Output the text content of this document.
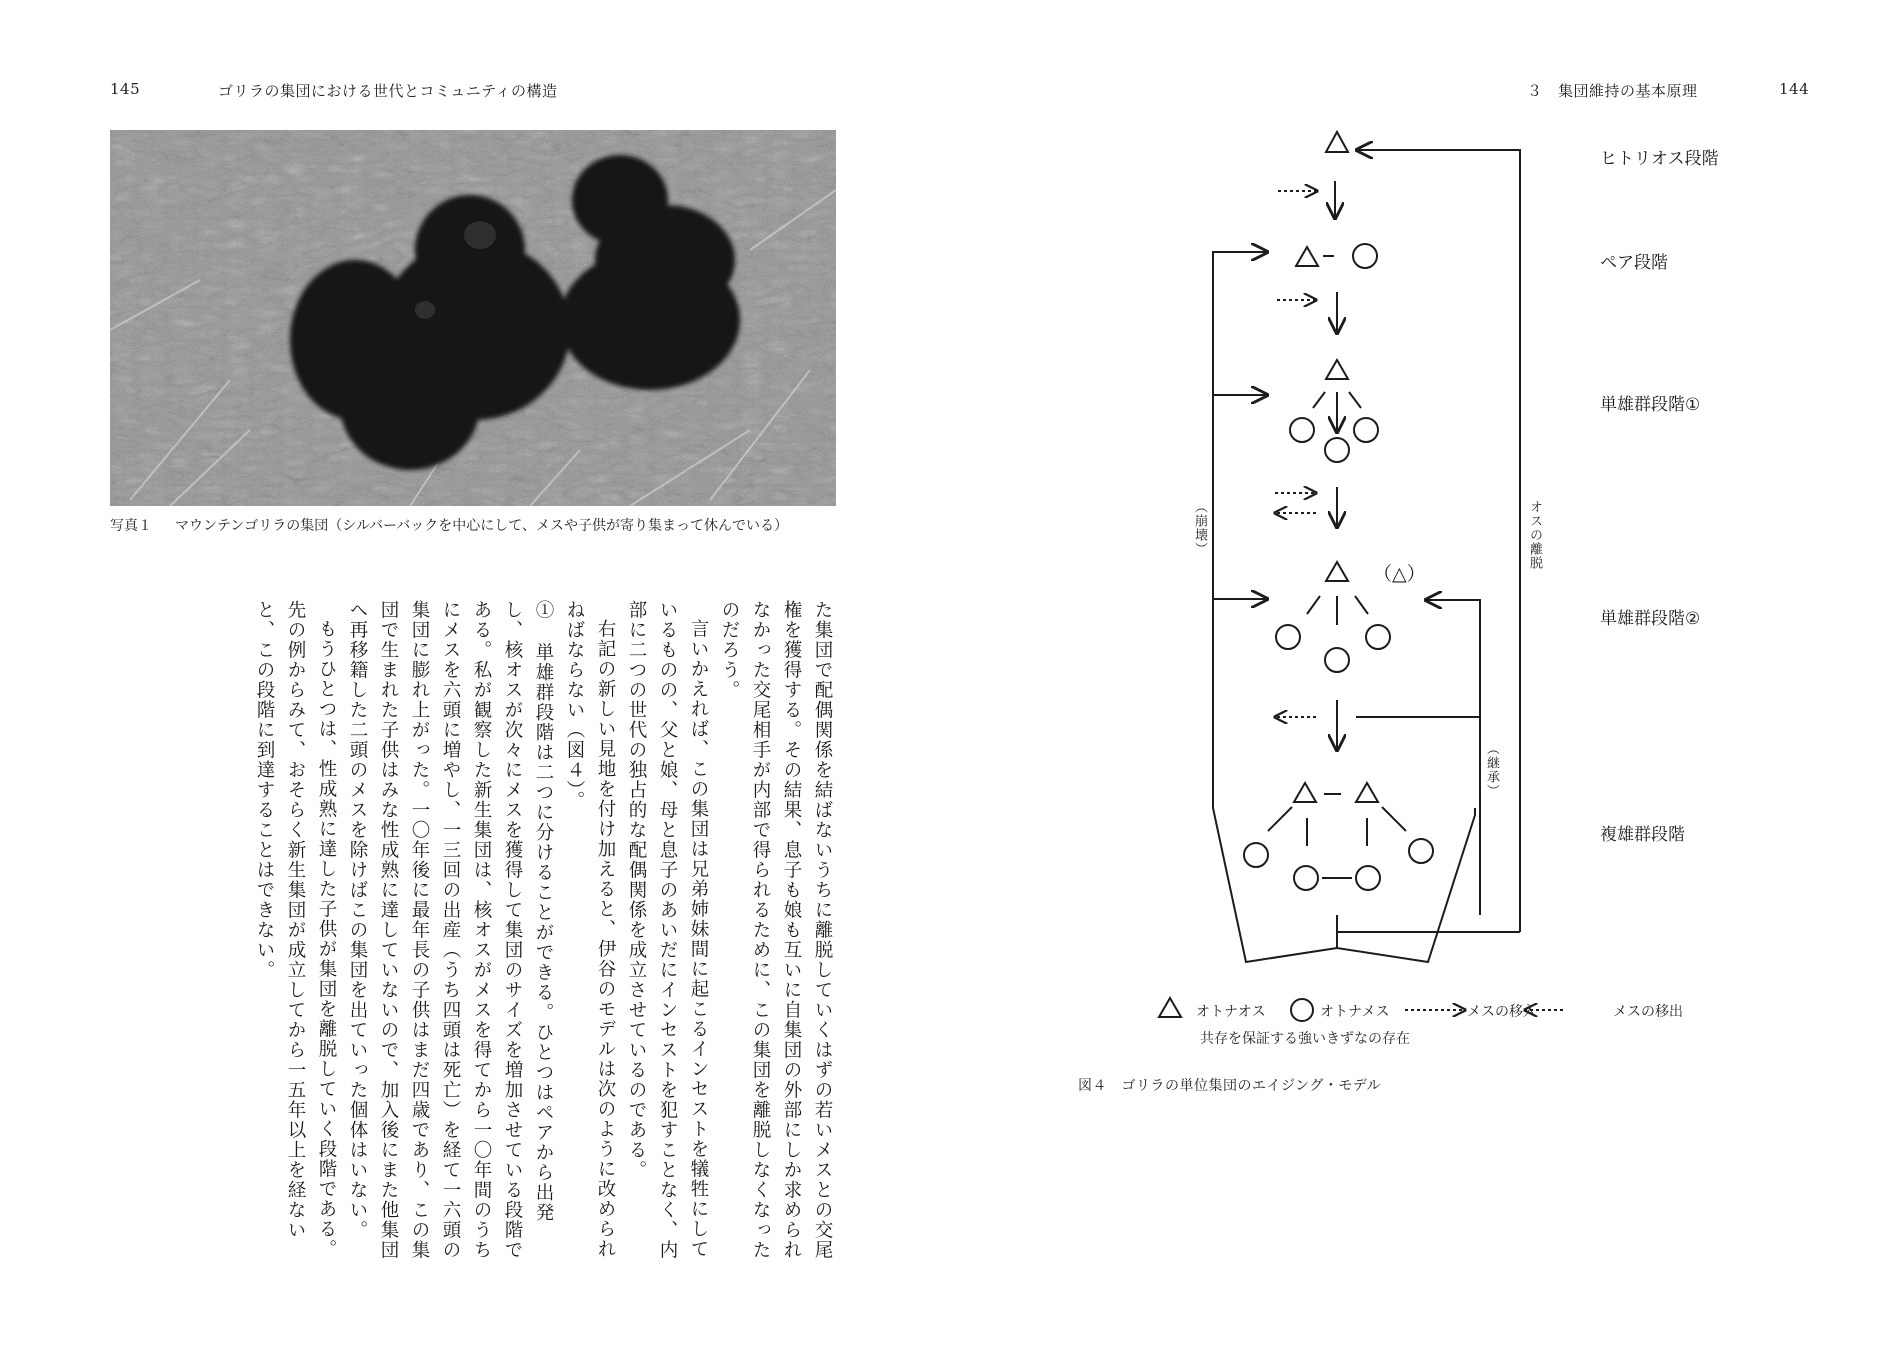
145	ゴリラの集団における世代とコミュニティの構造
写真１	マウンテンゴリラの集団（シルバーバックを中心にして、メスや子供が寄り集まって休んでいる）

た集団で配偶関係を結ばないうちに離脱していくはずの若いメスとの交尾権を獲得する。その結果、息子も娘も互いに自集団の外部にしか求められなかった交尾相手が内部で得られるために、この集団を離脱しなくなったのだろう。

言いかえれば、この集団は兄弟姉妹間に起こるインセストを犠牲にしているものの、父と娘、母と息子のあいだにインセストを犯すことなく、内部に二つの世代の独占的な配偶関係を成立させているのである。

右記の新しい見地を付け加えると、伊谷のモデルは次のように改められねばならない（図４）。

① 単雄群段階は二つに分けることができる。ひとつはペアから出発し、核オスが次々にメスを獲得して集団のサイズを増加させている段階である。私が観察した新生集団は、核オスがメスを得てから一〇年間のうちにメスを六頭に増やし、一三回の出産（うち四頭は死亡）を経て一六頭の集団に膨れ上がった。一〇年後に最年長の子供はまだ四歳であり、この集団で生まれた子供はみな性成熟に達していないので、加入後にまた他集団へ再移籍した二頭のメスを除けばこの集団を出ていった個体はいない。

もうひとつは、性成熟に達した子供が集団を離脱していく段階である。先の例からみて、おそらく新生集団が成立してから一五年以上を経ないと、この段階に到達することはできない。

３　集団維持の基本原理	144
ヒトリオス段階
ペア段階
単雄群段階①
単雄群段階②
複雄群段階
（崩壊）	オスの離脱
（継承）
（△）
オトナオス	オトナメス	メスの移入	メスの移出
共存を保証する強いきずなの存在
図４　ゴリラの単位集団のエイジング・モデル
